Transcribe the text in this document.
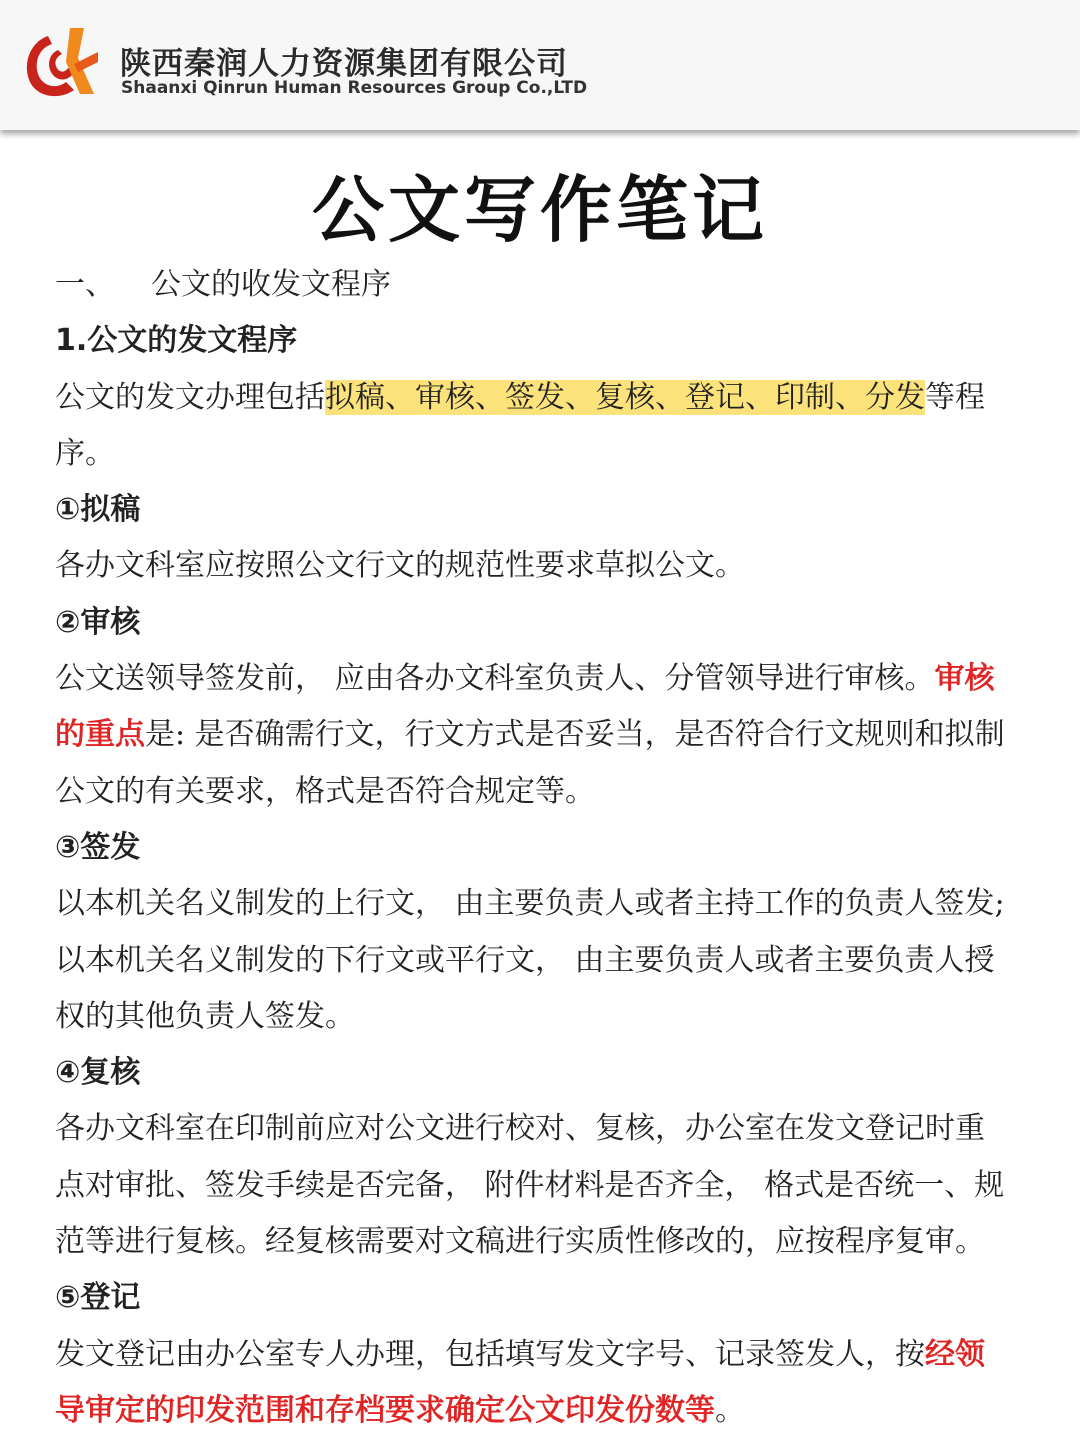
陕西秦润人力资源集团有限公司
Shaanxi Qinrun Human Resources Group Co.,LTD
公文写作笔记

一、 公文的收发文程序

1.公文的发文程序

公文的发文办理包括拟稿、审核、签发、复核、登记、印制、分发等程
序。

①拟稿

各办文科室应按照公文行文的规范性要求草拟公文。

②审核

公文送领导签发前， 应由各办文科室负责人、分管领导进行审核。审核
的重点是: 是否确需行文，行文方式是否妥当，是否符合行文规则和拟制
公文的有关要求，格式是否符合规定等。

③签发

以本机关名义制发的上行文， 由主要负责人或者主持工作的负责人签发;
以本机关名义制发的下行文或平行文， 由主要负责人或者主要负责人授
权的其他负责人签发。

④复核

各办文科室在印制前应对公文进行校对、复核，办公室在发文登记时重
点对审批、签发手续是否完备， 附件材料是否齐全， 格式是否统一、规
范等进行复核。经复核需要对文稿进行实质性修改的，应按程序复审。

⑤登记

发文登记由办公室专人办理，包括填写发文字号、记录签发人，按经领
导审定的印发范围和存档要求确定公文印发份数等。
